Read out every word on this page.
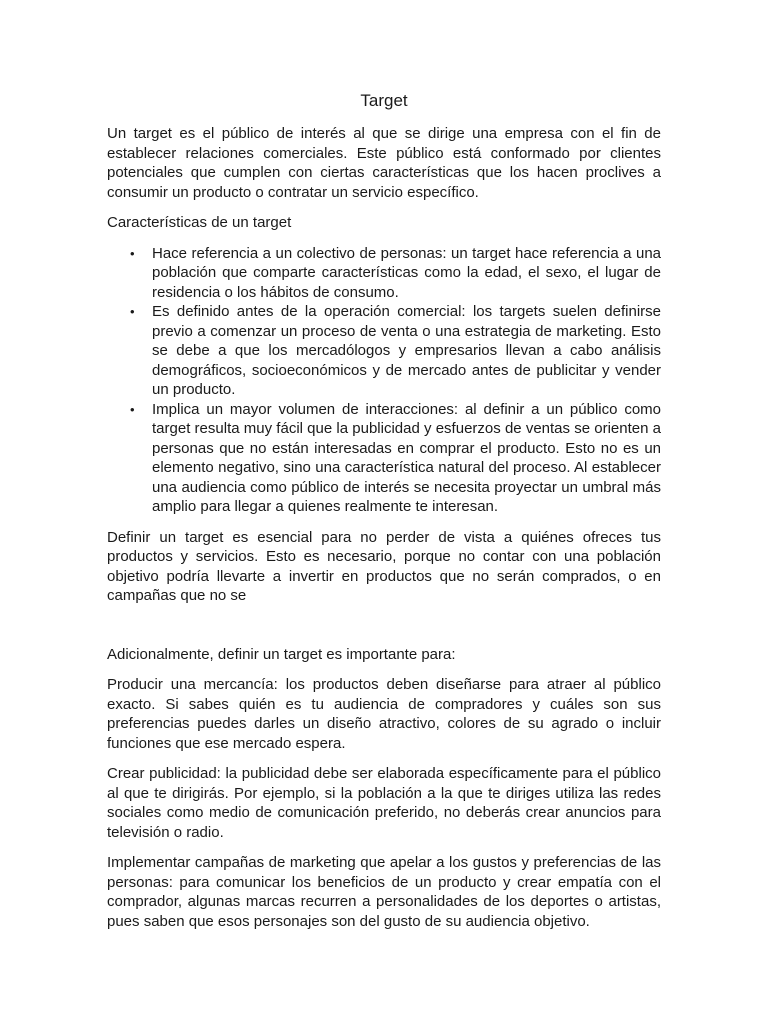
Target

Un target es el público de interés al que se dirige una empresa con el fin de establecer relaciones comerciales. Este público está conformado por clientes potenciales que cumplen con ciertas características que los hacen proclives a consumir un producto o contratar un servicio específico.

Características de un target

• Hace referencia a un colectivo de personas: un target hace referencia a una población que comparte características como la edad, el sexo, el lugar de residencia o los hábitos de consumo.
• Es definido antes de la operación comercial: los targets suelen definirse previo a comenzar un proceso de venta o una estrategia de marketing. Esto se debe a que los mercadólogos y empresarios llevan a cabo análisis demográficos, socioeconómicos y de mercado antes de publicitar y vender un producto.
• Implica un mayor volumen de interacciones: al definir a un público como target resulta muy fácil que la publicidad y esfuerzos de ventas se orienten a personas que no están interesadas en comprar el producto. Esto no es un elemento negativo, sino una característica natural del proceso. Al establecer una audiencia como público de interés se necesita proyectar un umbral más amplio para llegar a quienes realmente te interesan.

Definir un target es esencial para no perder de vista a quiénes ofreces tus productos y servicios. Esto es necesario, porque no contar con una población objetivo podría llevarte a invertir en productos que no serán comprados, o en campañas que no se

Adicionalmente, definir un target es importante para:

Producir una mercancía: los productos deben diseñarse para atraer al público exacto. Si sabes quién es tu audiencia de compradores y cuáles son sus preferencias puedes darles un diseño atractivo, colores de su agrado o incluir funciones que ese mercado espera.

Crear publicidad: la publicidad debe ser elaborada específicamente para el público al que te dirigirás. Por ejemplo, si la población a la que te diriges utiliza las redes sociales como medio de comunicación preferido, no deberás crear anuncios para televisión o radio.

Implementar campañas de marketing que apelar a los gustos y preferencias de las personas: para comunicar los beneficios de un producto y crear empatía con el comprador, algunas marcas recurren a personalidades de los deportes o artistas, pues saben que esos personajes son del gusto de su audiencia objetivo.
